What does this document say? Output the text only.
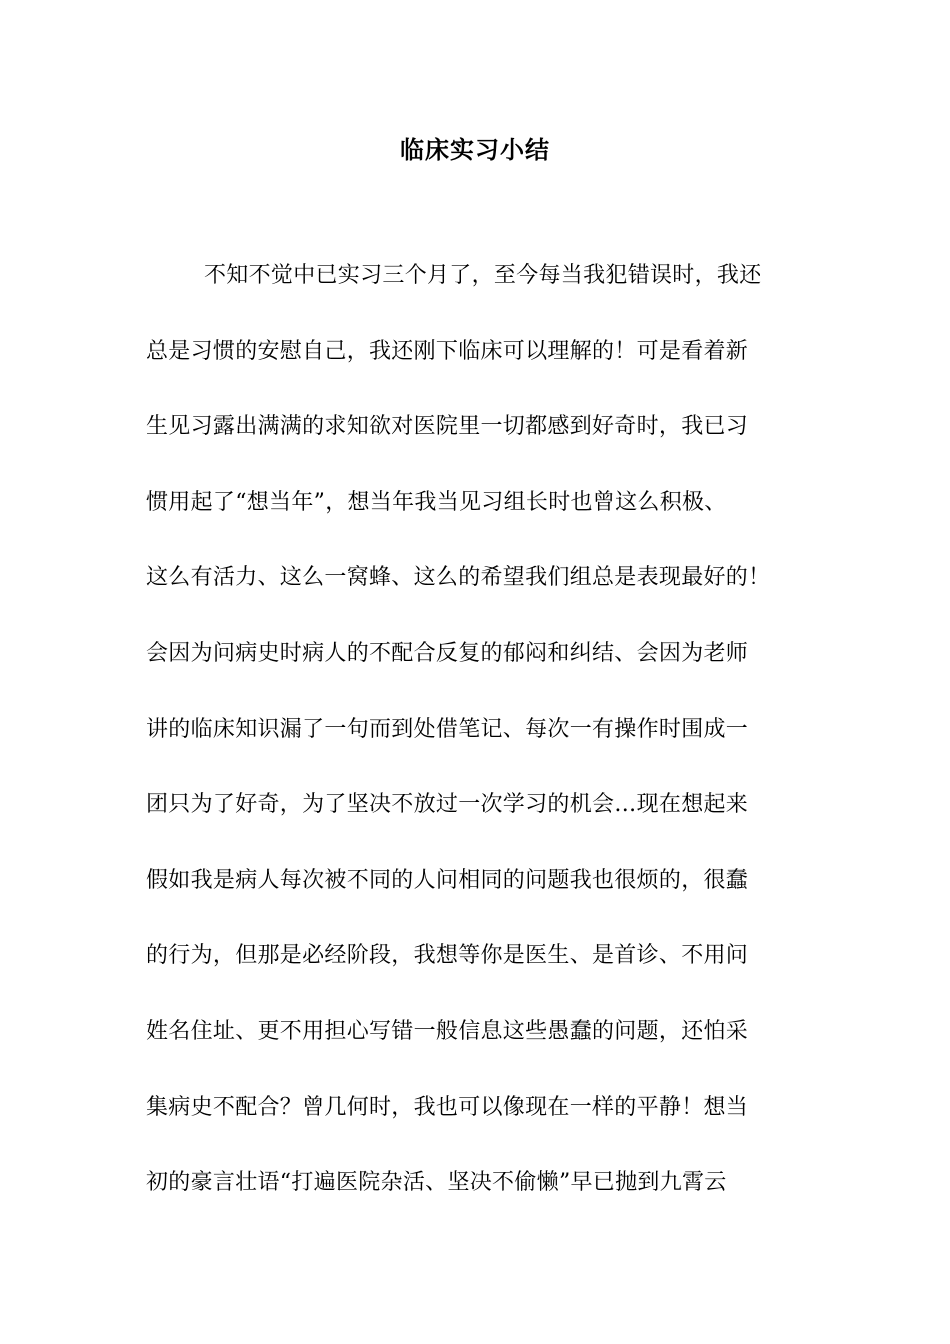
临床实习小结
不知不觉中已实习三个月了，至今每当我犯错误时，我还
总是习惯的安慰自己，我还刚下临床可以理解的！可是看着新
生见习露出满满的求知欲对医院里一切都感到好奇时，我已习
惯用起了“想当年”，想当年我当见习组长时也曾这么积极、
这么有活力、这么一窝蜂、这么的希望我们组总是表现最好的！
会因为问病史时病人的不配合反复的郁闷和纠结、会因为老师
讲的临床知识漏了一句而到处借笔记、每次一有操作时围成一
团只为了好奇，为了坚决不放过一次学习的机会…现在想起来
假如我是病人每次被不同的人问相同的问题我也很烦的，很蠢
的行为，但那是必经阶段，我想等你是医生、是首诊、不用问
姓名住址、更不用担心写错一般信息这些愚蠢的问题，还怕采
集病史不配合？曾几何时，我也可以像现在一样的平静！想当
初的豪言壮语“打遍医院杂活、坚决不偷懒”早已抛到九霄云
